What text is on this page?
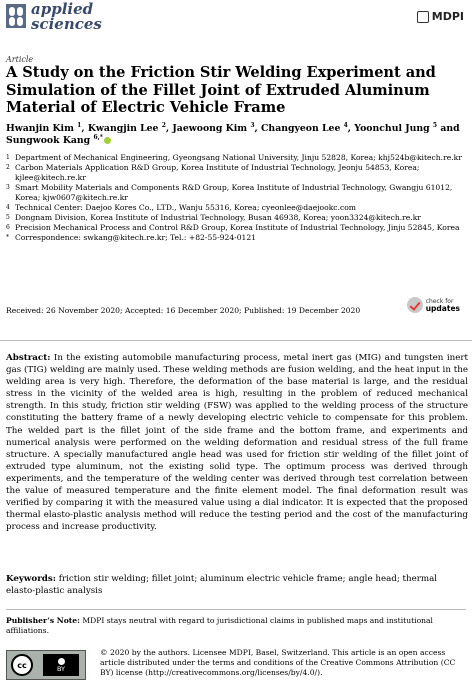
applied
sciences	MDPI
Article
A Study on the Friction Stir Welding Experiment and Simulation of the Fillet Joint of Extruded Aluminum Material of Electric Vehicle Frame
Hwanjin Kim $^1$, Kwangjin Lee $^2$, Jaewoong Kim $^3$, Changyeon Lee $^4$, Yoonchul Jung $^5$ and Sungwook Kang $^{6,*}$
1 Department of Mechanical Engineering, Gyeongsang National University, Jinju 52828, Korea; khj524b@kitech.re.kr
2 Carbon Materials Application R&D Group, Korea Institute of Industrial Technology, Jeonju 54853, Korea; kjlee@kitech.re.kr
3 Smart Mobility Materials and Components R&D Group, Korea Institute of Industrial Technology, Gwangju 61012, Korea; kjw0607@kitech.re.kr
4 Technical Center: Daejoo Kores Co., LTD., Wanju 55316, Korea; cyeonlee@daejookc.com
5 Dongnam Division, Korea Institute of Industrial Technology, Busan 46938, Korea; yoon3324@kitech.re.kr
6 Precision Mechanical Process and Control R&D Group, Korea Institute of Industrial Technology, Jinju 52845, Korea
* Correspondence: swkang@kitech.re.kr; Tel.: +82-55-924-0121
Received: 26 November 2020; Accepted: 16 December 2020; Published: 19 December 2020
check for
updates
Abstract: In the existing automobile manufacturing process, metal inert gas (MIG) and tungsten inert gas (TIG) welding are mainly used. These welding methods are fusion welding, and the heat input in the welding area is very high. Therefore, the deformation of the base material is large, and the residual stress in the vicinity of the welded area is high, resulting in the problem of reduced mechanical strength. In this study, friction stir welding (FSW) was applied to the welding process of the structure constituting the battery frame of a newly developing electric vehicle to compensate for this problem. The welded part is the fillet joint of the side frame and the bottom frame, and experiments and numerical analysis were performed on the welding deformation and residual stress of the full frame structure. A specially manufactured angle head was used for friction stir welding of the fillet joint of extruded type aluminum, not the existing solid type. The optimum process was derived through experiments, and the temperature of the welding center was derived through test correlation between the value of measured temperature and the finite element model. The final deformation result was verified by comparing it with the measured value using a dial indicator. It is expected that the proposed thermal elasto-plastic analysis method will reduce the testing period and the cost of the manufacturing process and increase productivity.
Keywords: friction stir welding; fillet joint; aluminum electric vehicle frame; angle head; thermal elasto-plastic analysis
Publisher’s Note: MDPI stays neutral with regard to jurisdictional claims in published maps and institutional affiliations.
cc	BY
© 2020 by the authors. Licensee MDPI, Basel, Switzerland. This article is an open access article distributed under the terms and conditions of the Creative Commons Attribution (CC BY) license (http://creativecommons.org/licenses/by/4.0/).
